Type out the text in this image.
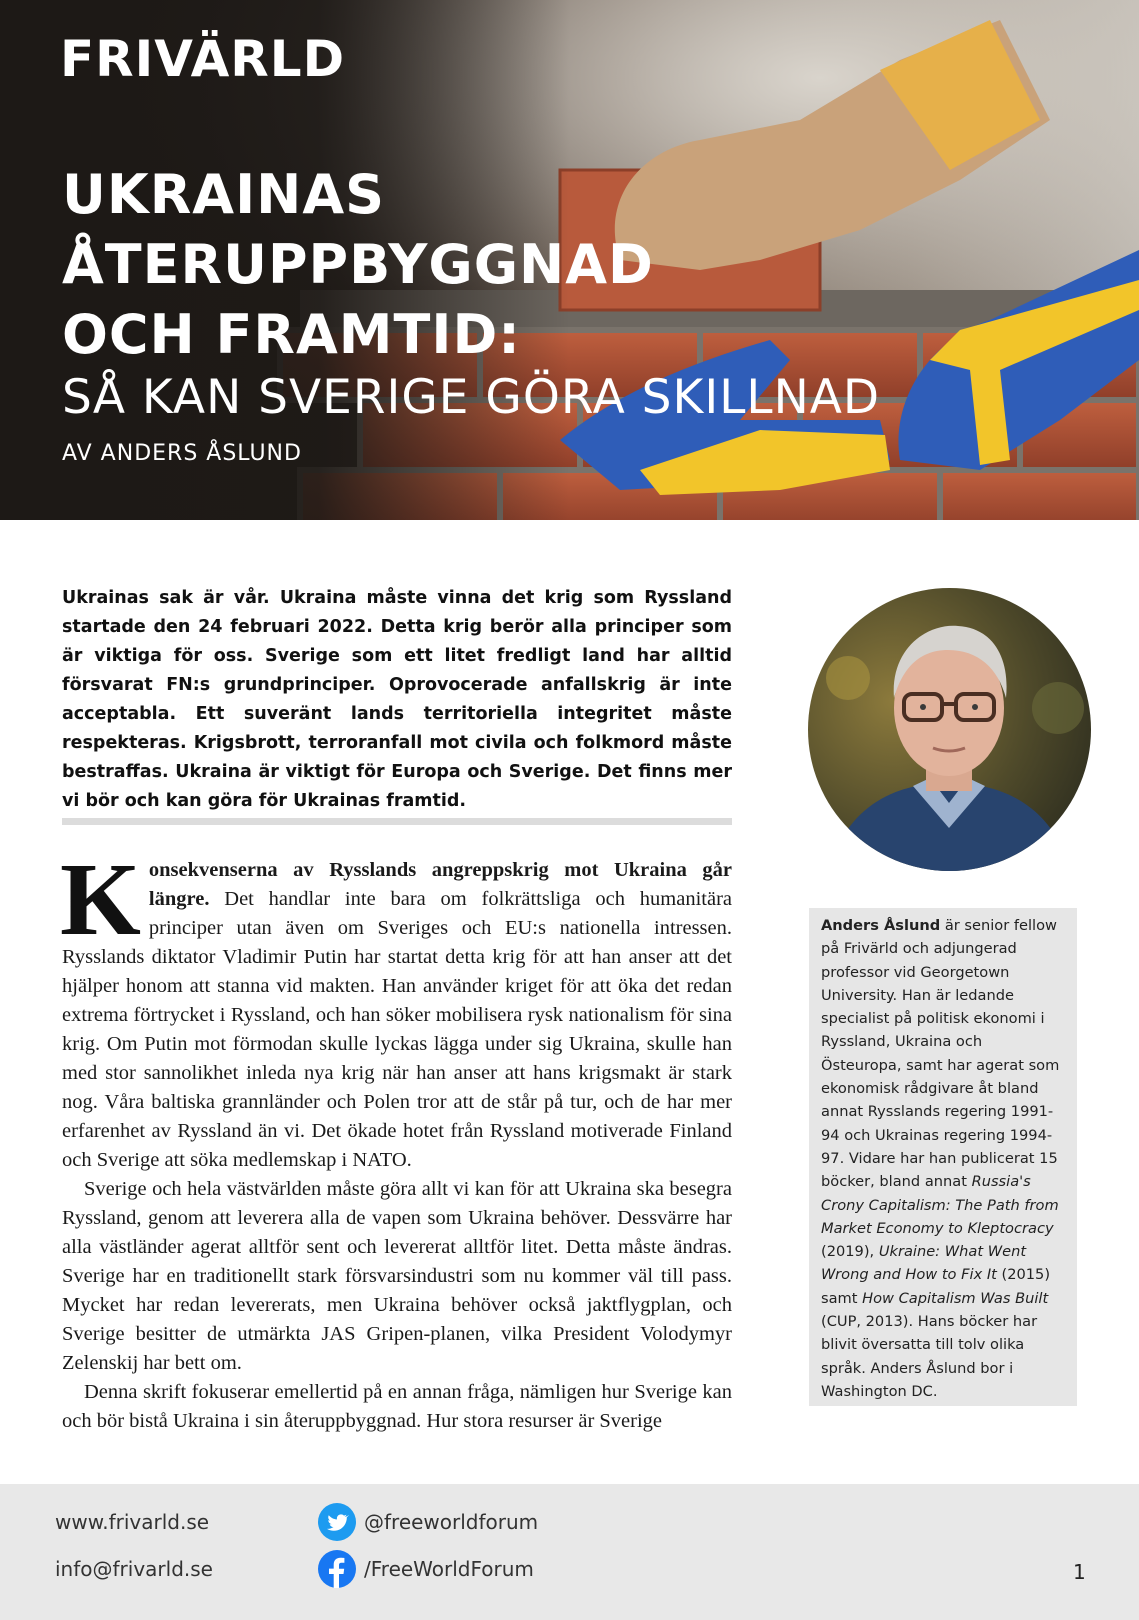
FRIVÄRLD
UKRAINAS ÅTERUPPBYGGNAD
OCH FRAMTID:
SÅ KAN SVERIGE GÖRA SKILLNAD
AV ANDERS ÅSLUND
Ukrainas sak är vår. Ukraina måste vinna det krig som Ryssland startade den 24 februari 2022. Detta krig berör alla principer som är viktiga för oss. Sverige som ett litet fredligt land har alltid försvarat FN:s grundprinciper. Oprovocerade anfallskrig är inte acceptabla. Ett suveränt lands territoriella integritet måste respekteras. Krigsbrott, terroranfall mot civila och folkmord måste bestraffas. Ukraina är viktigt för Europa och Sverige. Det finns mer vi bör och kan göra för Ukrainas framtid.

Konsekvenserna av Rysslands angreppskrig mot Ukraina går längre. Det handlar inte bara om folkrättsliga och humanitära principer utan även om Sveriges och EU:s nationella intressen. Rysslands diktator Vladimir Putin har startat detta krig för att han anser att det hjälper honom att stanna vid makten. Han använder kriget för att öka det redan extrema förtrycket i Ryssland, och han söker mobilisera rysk nationalism för sina krig. Om Putin mot förmodan skulle lyckas lägga under sig Ukraina, skulle han med stor sannolikhet inleda nya krig när han anser att hans krigsmakt är stark nog. Våra baltiska grannländer och Polen tror att de står på tur, och de har mer erfarenhet av Ryssland än vi. Det ökade hotet från Ryssland motiverade Finland och Sverige att söka medlemskap i NATO.

Sverige och hela västvärlden måste göra allt vi kan för att Ukraina ska besegra Ryssland, genom att leverera alla de vapen som Ukraina behöver. Dessvärre har alla västländer agerat alltför sent och levererat alltför litet. Detta måste ändras. Sverige har en traditionellt stark försvarsindustri som nu kommer väl till pass. Mycket har redan levererats, men Ukraina behöver också jaktflygplan, och Sverige besitter de utmärkta JAS Gripen-planen, vilka President Volodymyr Zelenskij har bett om.

Denna skrift fokuserar emellertid på en annan fråga, nämligen hur Sverige kan och bör bistå Ukraina i sin återuppbyggnad. Hur stora resurser är Sverige

Anders Åslund är senior fellow på Frivärld och adjungerad professor vid Georgetown University. Han är ledande specialist på politisk ekonomi i Ryssland, Ukraina och Östeuropa, samt har agerat som ekonomisk rådgivare åt bland annat Rysslands regering 1991-94 och Ukrainas regering 1994-97. Vidare har han publicerat 15 böcker, bland annat Russia's Crony Capitalism: The Path from Market Economy to Kleptocracy (2019), Ukraine: What Went Wrong and How to Fix It (2015) samt How Capitalism Was Built (CUP, 2013). Hans böcker har blivit översatta till tolv olika språk. Anders Åslund bor i Washington DC.
www.frivarld.se
info@frivarld.se
@freeworldforum
/FreeWorldForum	1
